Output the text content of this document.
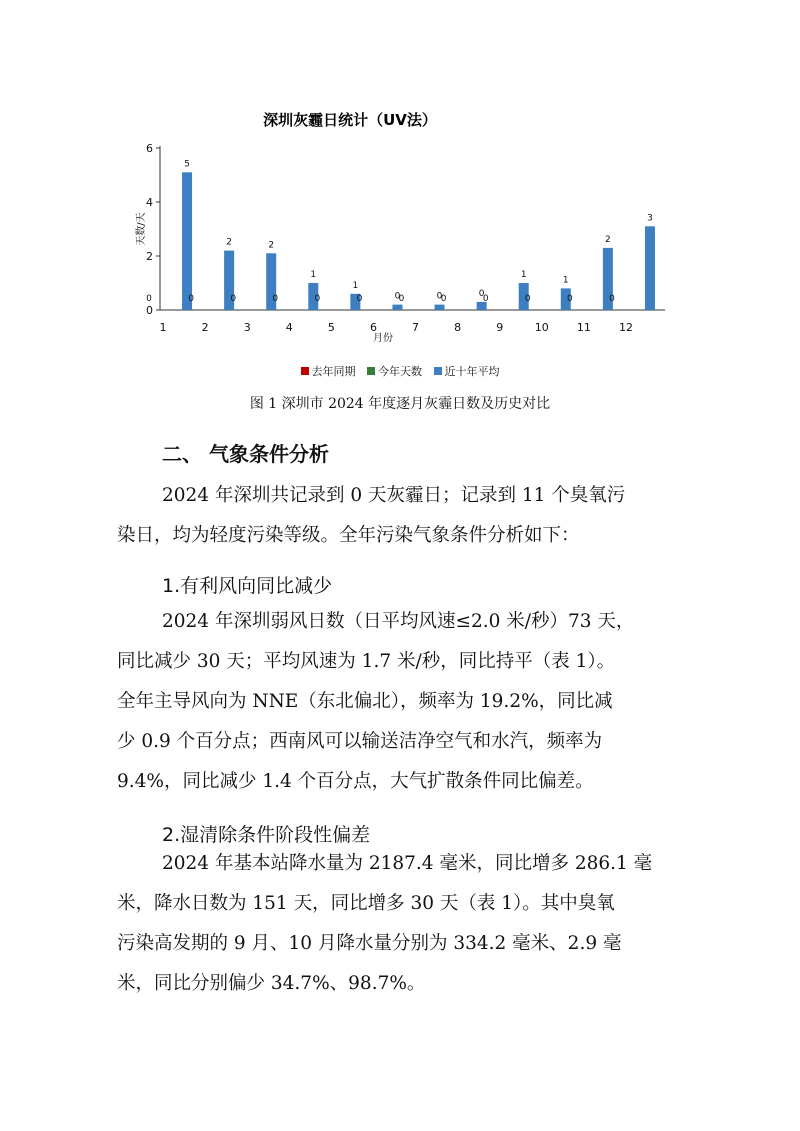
深圳灰霾日统计（UV法）
0
2
4
6
天数/天
1
0
5
2
0
2
3
0
2
4
0
1
5
0
1
6
0	0
7
0	0
8
0
0
9
0
1
10
0
1
11
0
2
12
0
3
月份
去年同期 今年天数 近十年平均
图 1 深圳市 2024 年度逐月灰霾日数及历史对比
二、 气象条件分析
2024 年深圳共记录到 0 天灰霾日；记录到 11 个臭氧污
染日，均为轻度污染等级。全年污染气象条件分析如下：
1.有利风向同比减少
2024 年深圳弱风日数（日平均风速≤2.0 米/秒）73 天，
同比减少 30 天；平均风速为 1.7 米/秒，同比持平（表 1）。
全年主导风向为 NNE（东北偏北），频率为 19.2%，同比减
少 0.9 个百分点；西南风可以输送洁净空气和水汽，频率为
9.4%，同比减少 1.4 个百分点，大气扩散条件同比偏差。
2.湿清除条件阶段性偏差
2024 年基本站降水量为 2187.4 毫米，同比增多 286.1 毫
米，降水日数为 151 天，同比增多 30 天（表 1）。其中臭氧
污染高发期的 9 月、10 月降水量分别为 334.2 毫米、2.9 毫
米，同比分别偏少 34.7%、98.7%。
